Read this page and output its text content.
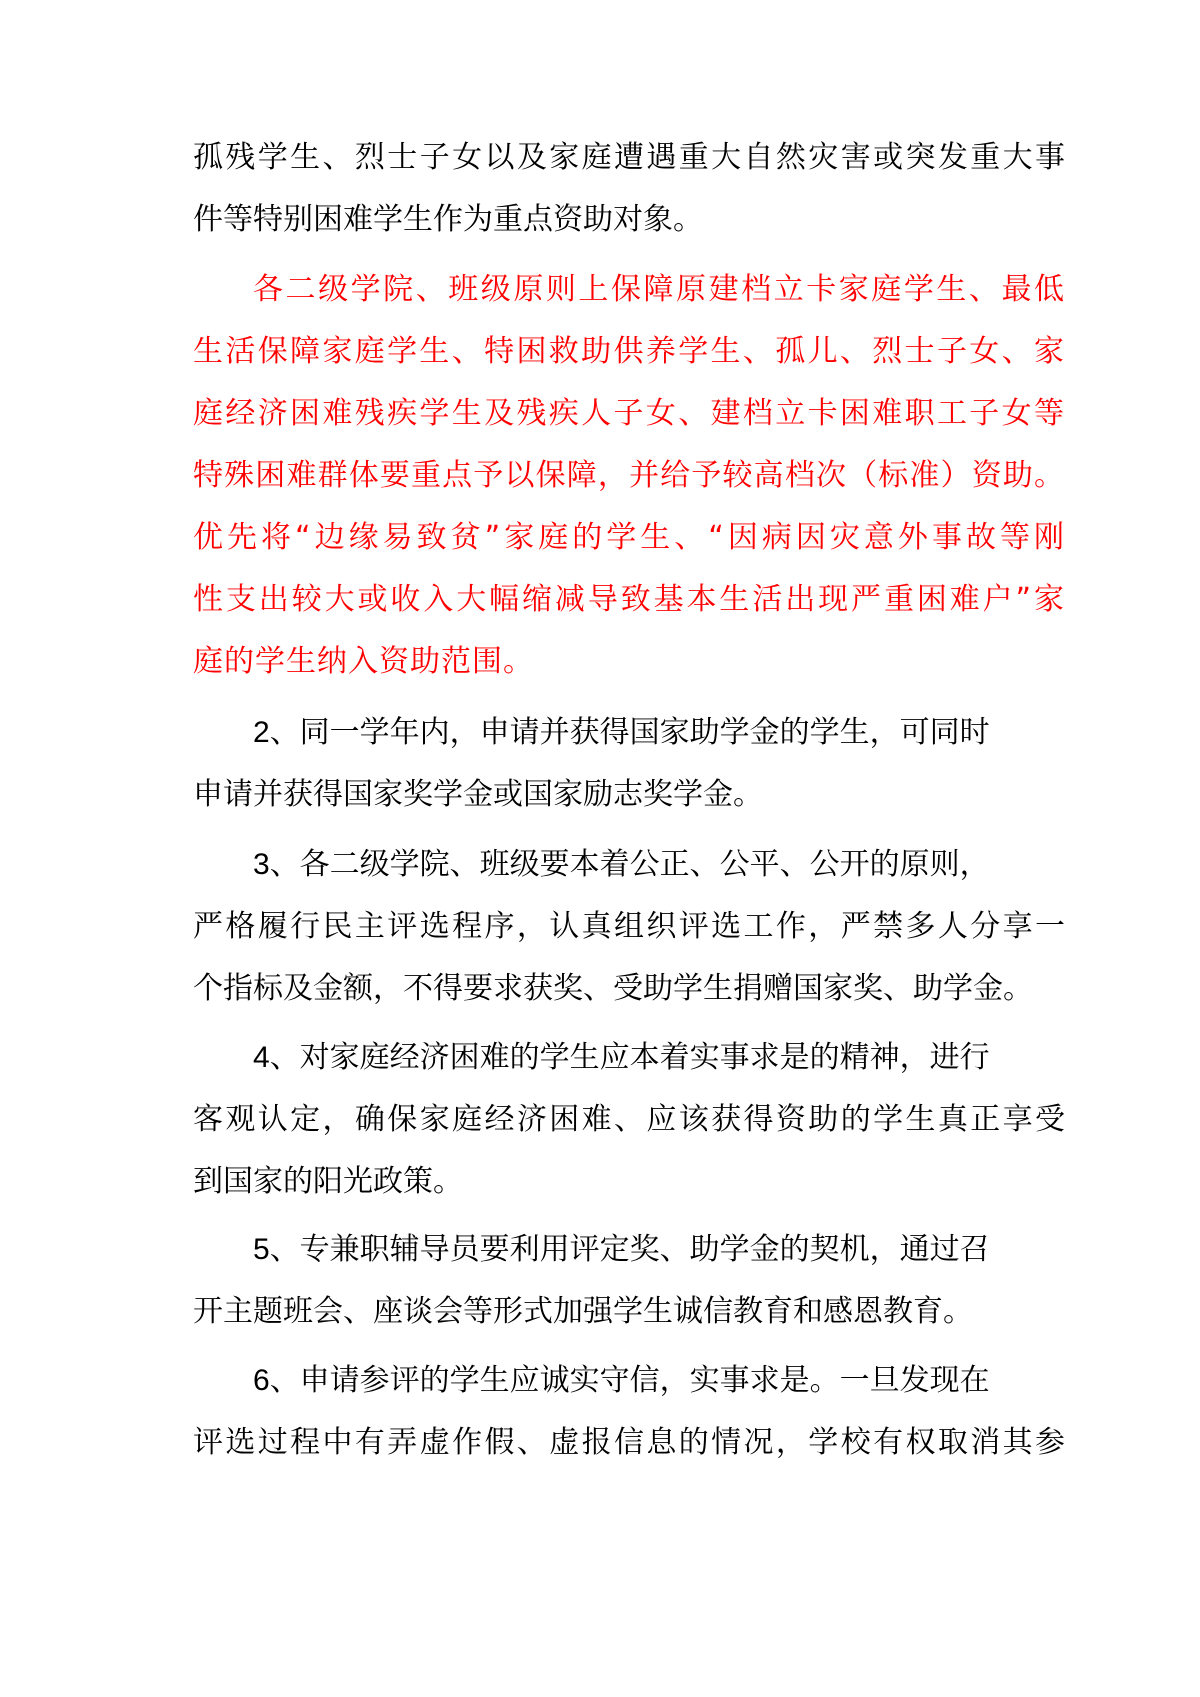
孤残学生、烈士子女以及家庭遭遇重大自然灾害或突发重大事
件等特别困难学生作为重点资助对象。
各二级学院、班级原则上保障原建档立卡家庭学生、最低
生活保障家庭学生、特困救助供养学生、孤儿、烈士子女、家
庭经济困难残疾学生及残疾人子女、建档立卡困难职工子女等
特殊困难群体要重点予以保障，并给予较高档次（标准）资助。
优先将“边缘易致贫”家庭的学生、“因病因灾意外事故等刚
性支出较大或收入大幅缩减导致基本生活出现严重困难户”家
庭的学生纳入资助范围。
2、同一学年内，申请并获得国家助学金的学生，可同时
申请并获得国家奖学金或国家励志奖学金。
3、各二级学院、班级要本着公正、公平、公开的原则，
严格履行民主评选程序，认真组织评选工作，严禁多人分享一
个指标及金额，不得要求获奖、受助学生捐赠国家奖、助学金。
4、对家庭经济困难的学生应本着实事求是的精神，进行
客观认定，确保家庭经济困难、应该获得资助的学生真正享受
到国家的阳光政策。
5、专兼职辅导员要利用评定奖、助学金的契机，通过召
开主题班会、座谈会等形式加强学生诚信教育和感恩教育。
6、申请参评的学生应诚实守信，实事求是。一旦发现在
评选过程中有弄虚作假、虚报信息的情况，学校有权取消其参
